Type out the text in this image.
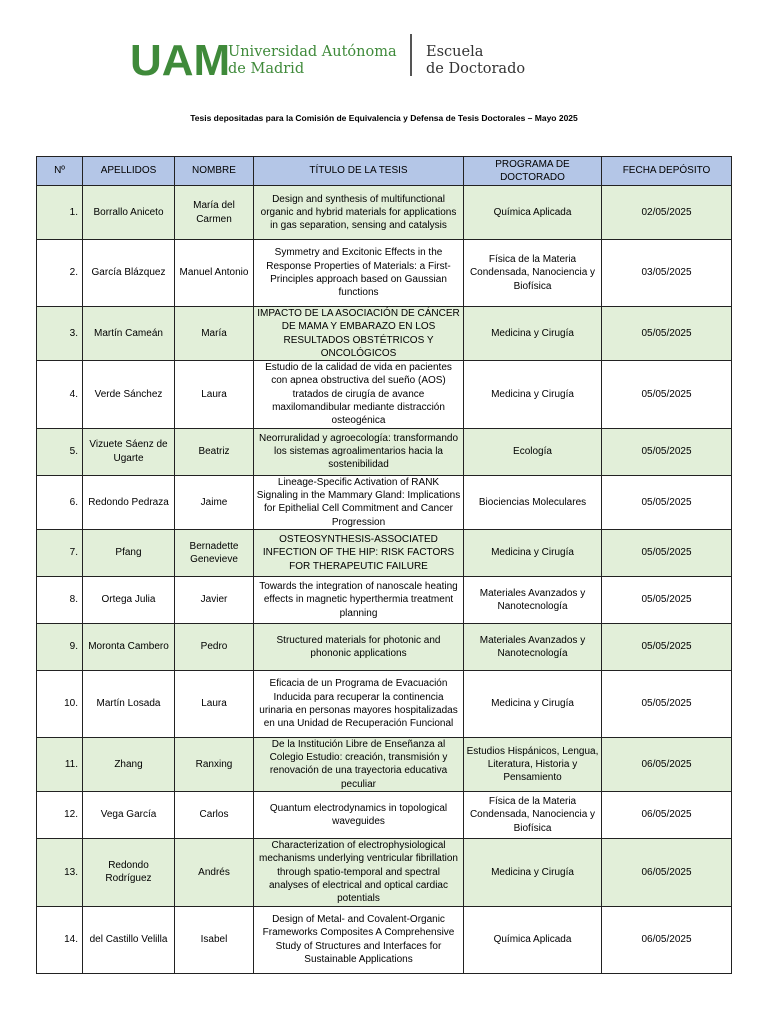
UAM
Universidad Autónoma
de Madrid
Escuela
de Doctorado
Tesis depositadas para la Comisión de Equivalencia y Defensa de Tesis Doctorales – Mayo 2025
Nº	APELLIDOS	NOMBRE	TÍTULO DE LA TESIS	PROGRAMA DE DOCTORADO	FECHA DEPÓSITO
1.	Borrallo Aniceto	María del Carmen	Design and synthesis of multifunctional organic and hybrid materials for applications in gas separation, sensing and catalysis	Química Aplicada	02/05/2025
2.	García Blázquez	Manuel Antonio	Symmetry and Excitonic Effects in the Response Properties of Materials: a First-Principles approach based on Gaussian functions	Física de la Materia Condensada, Nanociencia y Biofísica	03/05/2025
3.	Martín Cameán	María	IMPACTO DE LA ASOCIACIÓN DE CÁNCER DE MAMA Y EMBARAZO EN LOS RESULTADOS OBSTÉTRICOS Y ONCOLÓGICOS	Medicina y Cirugía	05/05/2025
4.	Verde Sánchez	Laura	Estudio de la calidad de vida en pacientes con apnea obstructiva del sueño (AOS) tratados de cirugía de avance maxilomandibular mediante distracción osteogénica	Medicina y Cirugía	05/05/2025
5.	Vizuete Sáenz de Ugarte	Beatriz	Neorruralidad y agroecología: transformando los sistemas agroalimentarios hacia la sostenibilidad	Ecología	05/05/2025
6.	Redondo Pedraza	Jaime	Lineage-Specific Activation of RANK Signaling in the Mammary Gland: Implications for Epithelial Cell Commitment and Cancer Progression	Biociencias Moleculares	05/05/2025
7.	Pfang	Bernadette Genevieve	OSTEOSYNTHESIS-ASSOCIATED INFECTION OF THE HIP: RISK FACTORS FOR THERAPEUTIC FAILURE	Medicina y Cirugía	05/05/2025
8.	Ortega Julia	Javier	Towards the integration of nanoscale heating effects in magnetic hyperthermia treatment planning	Materiales Avanzados y Nanotecnología	05/05/2025
9.	Moronta Cambero	Pedro	Structured materials for photonic and phononic applications	Materiales Avanzados y Nanotecnología	05/05/2025
10.	Martín Losada	Laura	Eficacia de un Programa de Evacuación Inducida para recuperar la continencia urinaria en personas mayores hospitalizadas en una Unidad de Recuperación Funcional	Medicina y Cirugía	05/05/2025
11.	Zhang	Ranxing	De la Institución Libre de Enseñanza al Colegio Estudio: creación, transmisión y renovación de una trayectoria educativa peculiar	Estudios Hispánicos, Lengua, Literatura, Historia y Pensamiento	06/05/2025
12.	Vega García	Carlos	Quantum electrodynamics in topological waveguides	Física de la Materia Condensada, Nanociencia y Biofísica	06/05/2025
13.	Redondo Rodríguez	Andrés	Characterization of electrophysiological mechanisms underlying ventricular fibrillation through spatio-temporal and spectral analyses of electrical and optical cardiac potentials	Medicina y Cirugía	06/05/2025
14.	del Castillo Velilla	Isabel	Design of Metal- and Covalent-Organic Frameworks Composites A Comprehensive Study of Structures and Interfaces for Sustainable Applications	Química Aplicada	06/05/2025
